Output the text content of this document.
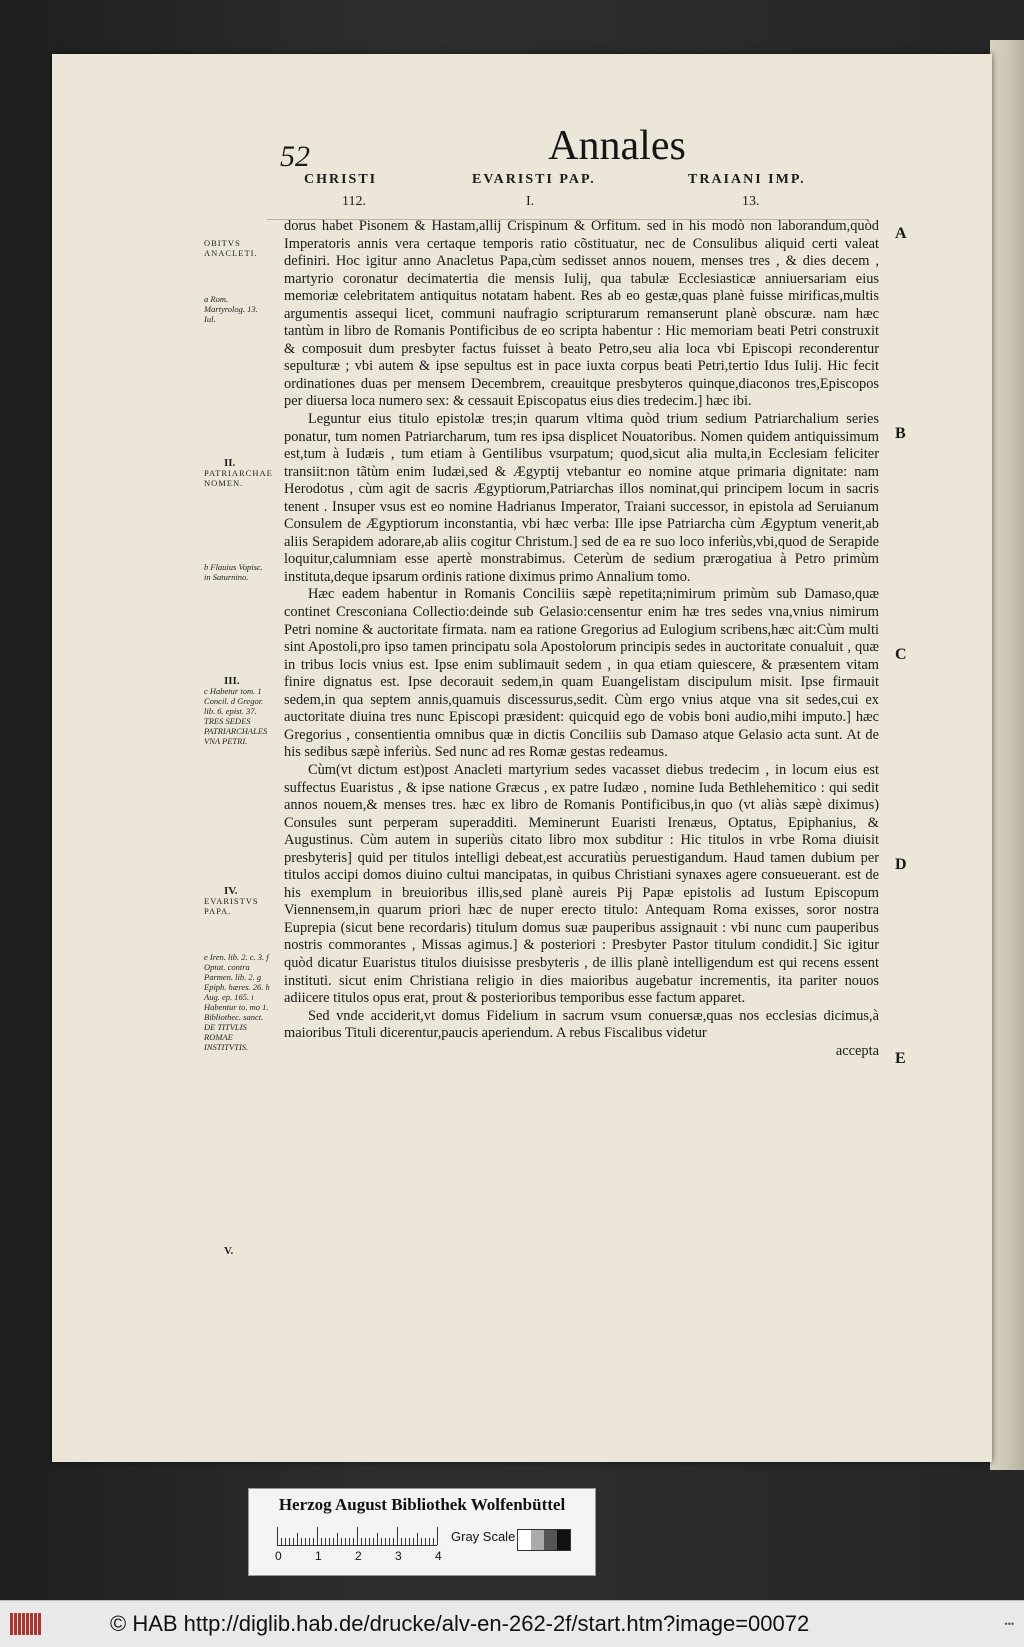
52	Annales
CHRISTI	EVARISTI PAP.	TRAIANI IMP.
112.	I.	13.

dorus habet Pisonem & Hastam,allij Crispinum & Orfitum. sed in his modò non laborandum,quòd Imperatoris annis vera certaque temporis ratio cõstituatur, nec de Consulibus aliquid certi valeat definiri. Hoc igitur anno Anacletus Papa,cùm sedisset annos nouem, menses tres , & dies decem , martyrio coronatur decimatertia die mensis Iulij, qua tabulæ Ecclesiasticæ anniuersariam eius memoriæ celebritatem antiquitus notatam habent. Res ab eo gestæ,quas planè fuisse mirificas,multis argumentis assequi licet, communi naufragio scripturarum remanserunt planè obscuræ. nam hæc tantùm in libro de Romanis Pontificibus de eo scripta habentur : Hic memoriam beati Petri construxit & composuit dum presbyter factus fuisset à beato Petro,seu alia loca vbi Episcopi reconderentur sepulturæ ; vbi autem & ipse sepultus est in pace iuxta corpus beati Petri,tertio Idus Iulij. Hic fecit ordinationes duas per mensem Decembrem, creauitque presbyteros quinque,diaconos tres,Episcopos per diuersa loca numero sex: & cessauit Episcopatus eius dies tredecim.] hæc ibi.

Leguntur eius titulo epistolæ tres;in quarum vltima quòd trium sedium Patriarchalium series ponatur, tum nomen Patriarcharum, tum res ipsa displicet Nouatoribus. Nomen quidem antiquissimum est,tum à Iudæis , tum etiam à Gentilibus vsurpatum; quod,sicut alia multa,in Ecclesiam feliciter transiit:non tãtùm enim Iudæi,sed & Ægyptij vtebantur eo nomine atque primaria dignitate: nam Herodotus , cùm agit de sacris Ægyptiorum,Patriarchas illos nominat,qui principem locum in sacris tenent . Insuper vsus est eo nomine Hadrianus Imperator, Traiani successor, in epistola ad Seruianum Consulem de Ægyptiorum inconstantia, vbi hæc verba: Ille ipse Patriarcha cùm Ægyptum venerit,ab aliis Serapidem adorare,ab aliis cogitur Christum.] sed de ea re suo loco inferiùs,vbi,quod de Serapide loquitur,calumniam esse apertè monstrabimus. Ceterùm de sedium prærogatiua à Petro primùm instituta,deque ipsarum ordinis ratione diximus primo Annalium tomo.

Hæc eadem habentur in Romanis Conciliis sæpè repetita;nimirum primùm sub Damaso,quæ continet Cresconiana Collectio:deinde sub Gelasio:censentur enim hæ tres sedes vna,vnius nimirum Petri nomine & auctoritate firmata. nam ea ratione Gregorius ad Eulogium scribens,hæc ait:Cùm multi sint Apostoli,pro ipso tamen principatu sola Apostolorum principis sedes in auctoritate conualuit , quæ in tribus locis vnius est. Ipse enim sublimauit sedem , in qua etiam quiescere, & præsentem vitam finire dignatus est. Ipse decorauit sedem,in quam Euangelistam discipulum misit. Ipse firmauit sedem,in qua septem annis,quamuis discessurus,sedit. Cùm ergo vnius atque vna sit sedes,cui ex auctoritate diuina tres nunc Episcopi præsident: quicquid ego de vobis boni audio,mihi imputo.] hæc Gregorius , consentientia omnibus quæ in dictis Conciliis sub Damaso atque Gelasio acta sunt. At de his sedibus sæpè inferiùs. Sed nunc ad res Romæ gestas redeamus.

Cùm(vt dictum est)post Anacleti martyrium sedes vacasset diebus tredecim , in locum eius est suffectus Euaristus , & ipse natione Græcus , ex patre Iudæo , nomine Iuda Bethlehemitico : qui sedit annos nouem,& menses tres. hæc ex libro de Romanis Pontificibus,in quo (vt aliàs sæpè diximus) Consules sunt perperam superadditi. Meminerunt Euaristi Irenæus, Optatus, Epiphanius, & Augustinus. Cùm autem in superiùs citato libro mox subditur : Hic titulos in vrbe Roma diuisit presbyteris] quid per titulos intelligi debeat,est accuratiùs peruestigandum. Haud tamen dubium per titulos accipi domos diuino cultui mancipatas, in quibus Christiani synaxes agere consueuerant. est de his exemplum in breuioribus illis,sed planè aureis Pij Papæ epistolis ad Iustum Episcopum Viennensem,in quarum priori hæc de nuper erecto titulo: Antequam Roma exisses, soror nostra Euprepia (sicut bene recordaris) titulum domus suæ pauperibus assignauit : vbi nunc cum pauperibus nostris commorantes , Missas agimus.] & posteriori : Presbyter Pastor titulum condidit.] Sic igitur quòd dicatur Euaristus titulos diuisisse presbyteris , de illis planè intelligendum est qui recens essent instituti. sicut enim Christiana religio in dies maioribus augebatur incrementis, ita pariter nouos adiicere titulos opus erat, prout & posterioribus temporibus esse factum apparet.

Sed vnde acciderit,vt domus Fidelium in sacrum vsum conuersæ,quas nos ecclesias dicimus,à maioribus Tituli dicerentur,paucis aperiendum. A rebus Fiscalibus videtur

accepta
OBITVS ANACLETI.
a Rom. Martyrolog. 13. Iul.
II.
PATRIARCHAE NOMEN.
b Flauius Vopisc. in Saturnino.
III.
c Habetur tom. 1 Concil. d Gregor. lib. 6. epist. 37. TRES SEDES PATRIARCHALES VNA PETRI.
IV.
EVARISTVS PAPA.
e Iren. lib. 2. c. 3. f Optat. contra Parmen. lib. 2. g Epiph. hæres. 26. h Aug. ep. 165. i Habentur to. mo 1. Bibliothec. sanct. DE TITVLIS ROMAE INSTITVTIS.
V.
A
B
C
D
E
Herzog August Bibliothek Wolfenbüttel
0	1	2	3	4
Gray Scale
© HAB http://diglib.hab.de/drucke/alv-en-262-2f/start.htm?image=00072	•••
